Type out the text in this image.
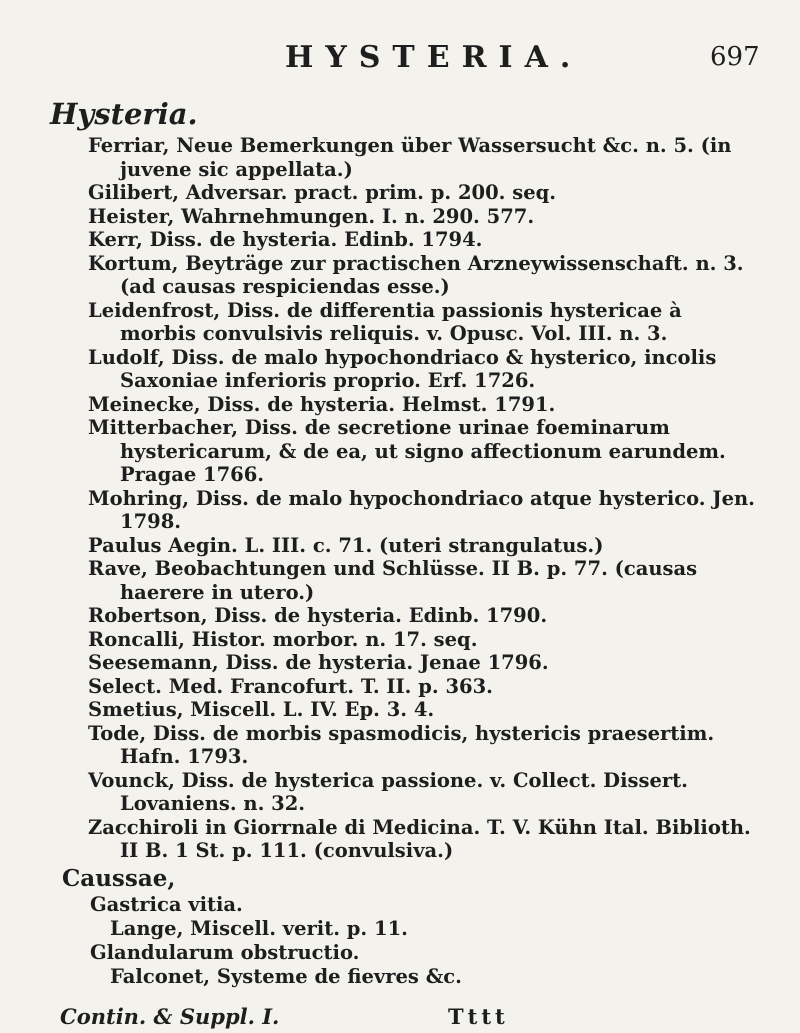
HYSTERIA.	697
Hysteria.
Ferriar, Neue Bemerkungen über Wassersucht &c. n. 5. (in juvene sic appellata.)
Gilibert, Adversar. pract. prim. p. 200. seq.
Heister, Wahrnehmungen. I. n. 290. 577.
Kerr, Diss. de hysteria. Edinb. 1794.
Kortum, Beyträge zur practischen Arzneywissenschaft. n. 3. (ad causas respiciendas esse.)
Leidenfrost, Diss. de differentia passionis hystericae à morbis convulsivis reliquis. v. Opusc. Vol. III. n. 3.
Ludolf, Diss. de malo hypochondriaco & hysterico, incolis Saxoniae inferioris proprio. Erf. 1726.
Meinecke, Diss. de hysteria. Helmst. 1791.
Mitterbacher, Diss. de secretione urinae foeminarum hystericarum, & de ea, ut signo affectionum earundem. Pragae 1766.
Mohring, Diss. de malo hypochondriaco atque hysterico. Jen. 1798.
Paulus Aegin. L. III. c. 71. (uteri strangulatus.)
Rave, Beobachtungen und Schlüsse. II B. p. 77. (causas haerere in utero.)
Robertson, Diss. de hysteria. Edinb. 1790.
Roncalli, Histor. morbor. n. 17. seq.
Seesemann, Diss. de hysteria. Jenae 1796.
Select. Med. Francofurt. T. II. p. 363.
Smetius, Miscell. L. IV. Ep. 3. 4.
Tode, Diss. de morbis spasmodicis, hystericis praesertim. Hafn. 1793.
Vounck, Diss. de hysterica passione. v. Collect. Dissert. Lovaniens. n. 32.
Zacchiroli in Giorrnale di Medicina. T. V. Kühn Ital. Biblioth. II B. 1 St. p. 111. (convulsiva.)
Caussae,
Gastrica vitia.
Lange, Miscell. verit. p. 11.
Glandularum obstructio.
Falconet, Systeme de fievres &c.
Contin. & Suppl. I.	Tttt
